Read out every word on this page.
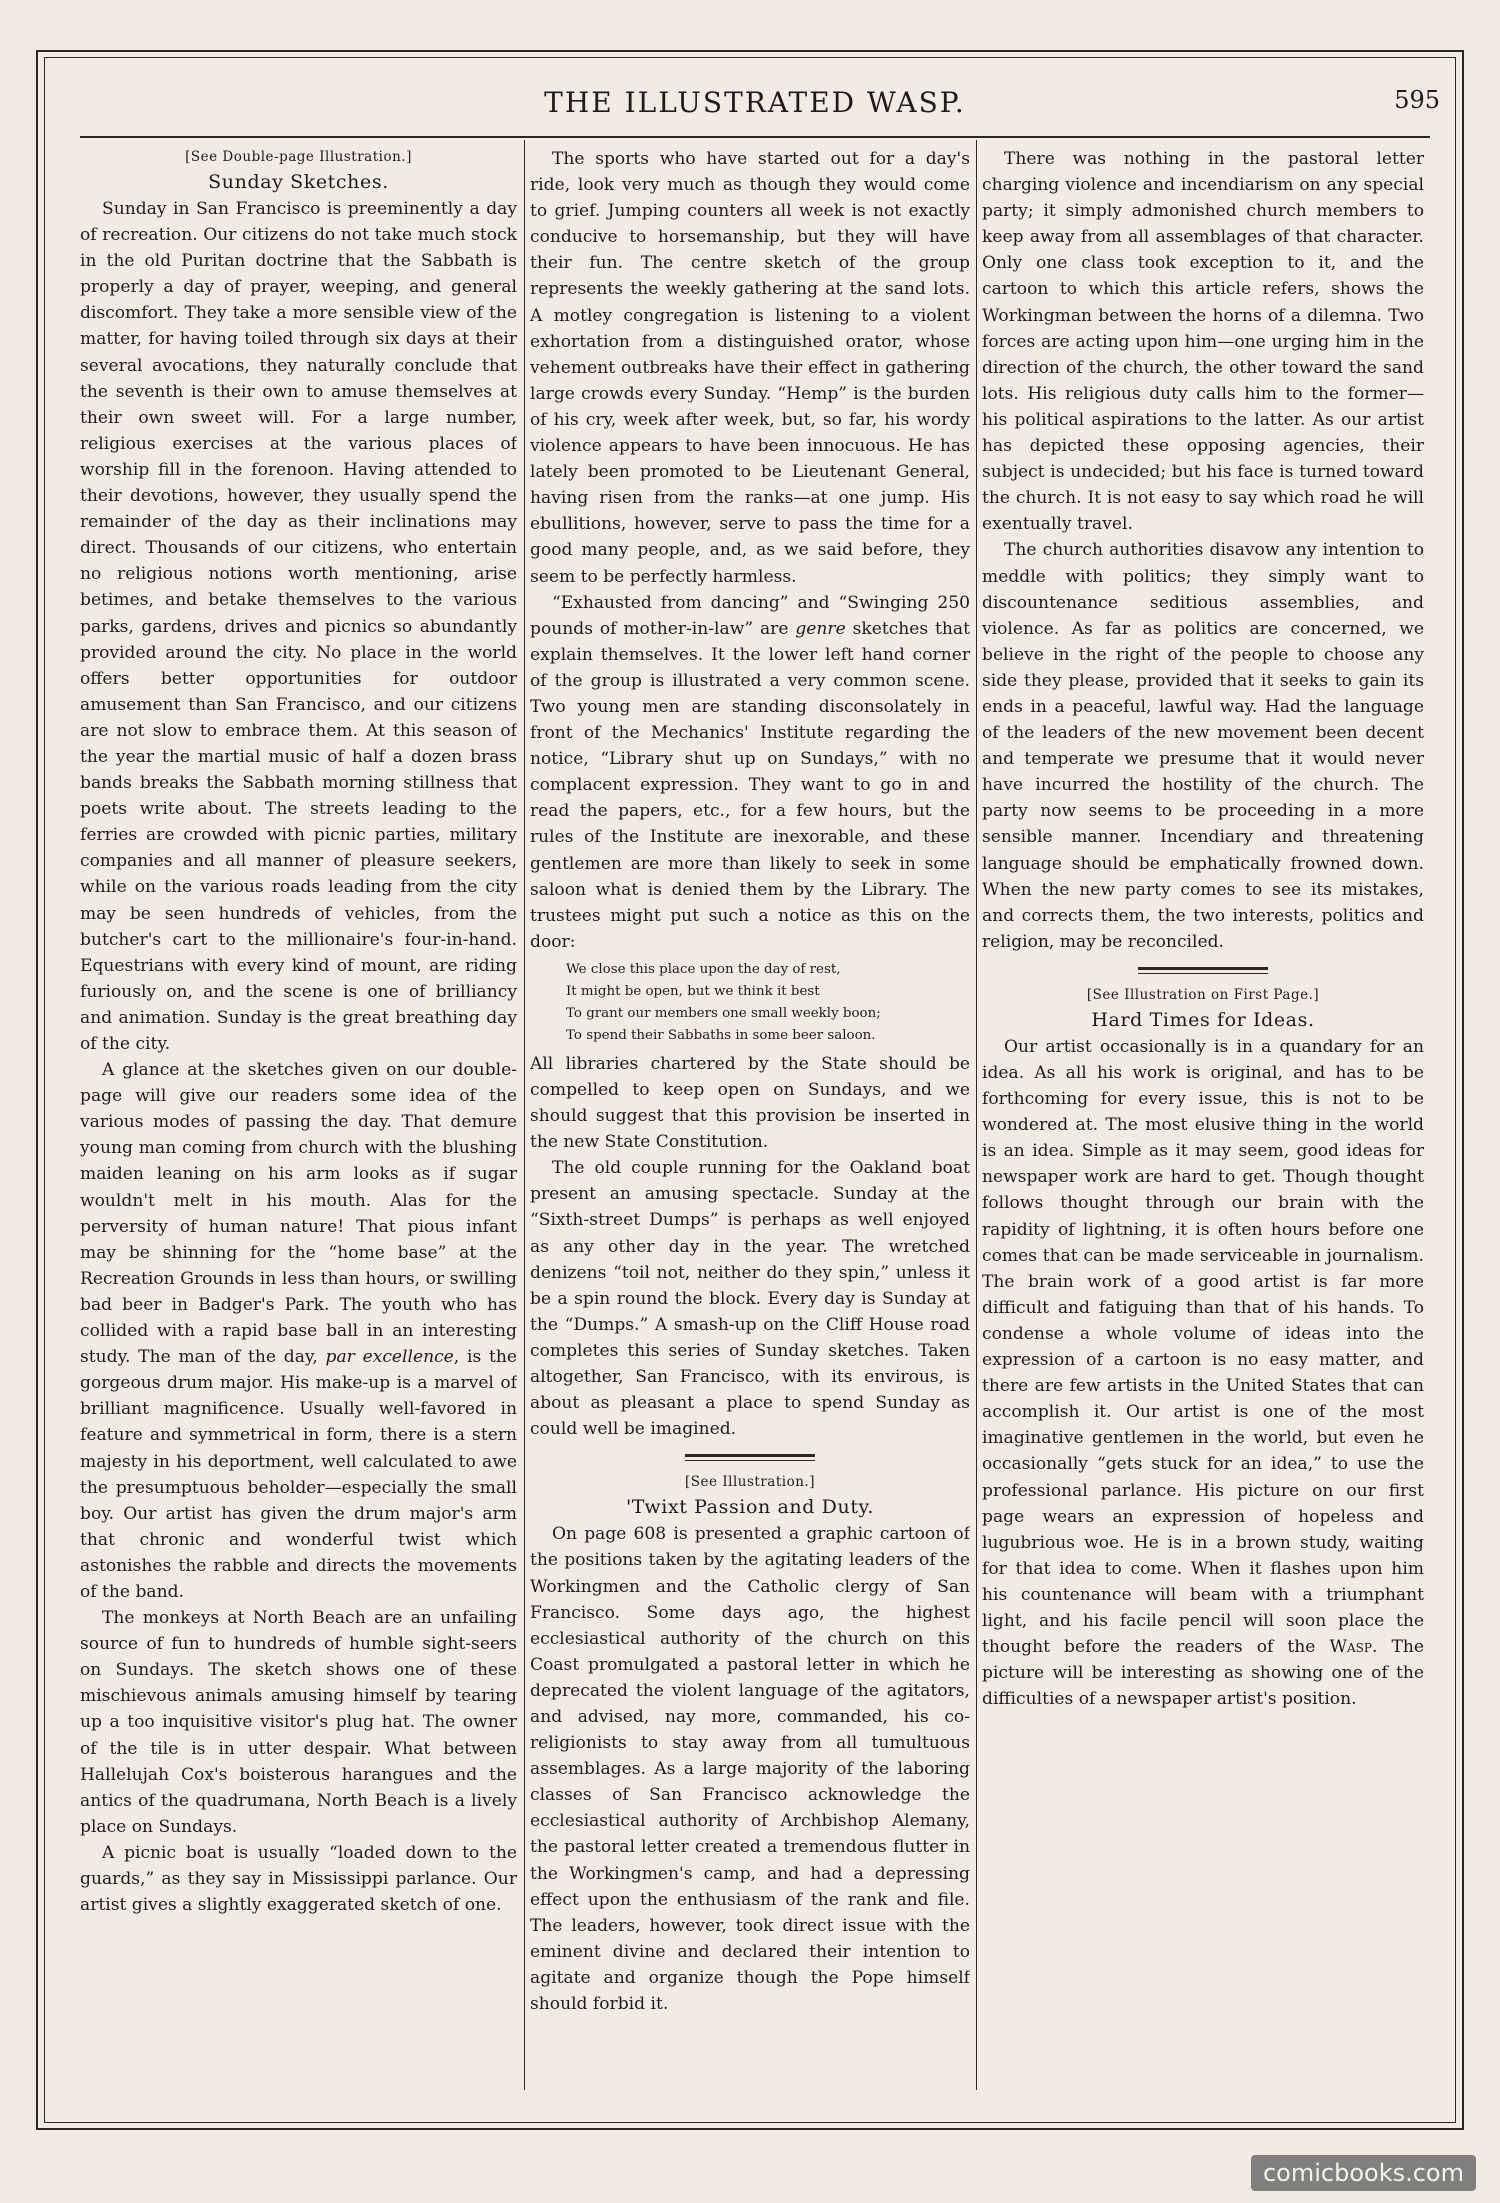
THE ILLUSTRATED WASP.	595
[See Double-page Illustration.]
Sunday Sketches.

Sunday in San Francisco is preeminently a day of recreation. Our citizens do not take much stock in the old Puritan doctrine that the Sabbath is properly a day of prayer, weeping, and general discomfort. They take a more sensible view of the matter, for having toiled through six days at their several avocations, they naturally conclude that the seventh is their own to amuse themselves at their own sweet will. For a large number, religious exercises at the various places of worship fill in the forenoon. Having attended to their devotions, however, they usually spend the remainder of the day as their inclinations may direct. Thousands of our citizens, who entertain no religious notions worth mentioning, arise betimes, and betake themselves to the various parks, gardens, drives and picnics so abundantly provided around the city. No place in the world offers better opportunities for outdoor amusement than San Francisco, and our citizens are not slow to embrace them. At this season of the year the martial music of half a dozen brass bands breaks the Sabbath morning stillness that poets write about. The streets leading to the ferries are crowded with picnic parties, military companies and all manner of pleasure seekers, while on the various roads leading from the city may be seen hundreds of vehicles, from the butcher's cart to the millionaire's four-in-hand. Equestrians with every kind of mount, are riding furiously on, and the scene is one of brilliancy and animation. Sunday is the great breathing day of the city.

A glance at the sketches given on our double-page will give our readers some idea of the various modes of passing the day. That demure young man coming from church with the blushing maiden leaning on his arm looks as if sugar wouldn't melt in his mouth. Alas for the perversity of human nature! That pious infant may be shinning for the “home base” at the Recreation Grounds in less than hours, or swilling bad beer in Badger's Park. The youth who has collided with a rapid base ball in an interesting study. The man of the day, par excellence, is the gorgeous drum major. His make-up is a marvel of brilliant magnificence. Usually well-favored in feature and symmetrical in form, there is a stern majesty in his deportment, well calculated to awe the presumptuous beholder—especially the small boy. Our artist has given the drum major's arm that chronic and wonderful twist which astonishes the rabble and directs the movements of the band.

The monkeys at North Beach are an unfailing source of fun to hundreds of humble sight-seers on Sundays. The sketch shows one of these mischievous animals amusing himself by tearing up a too inquisitive visitor's plug hat. The owner of the tile is in utter despair. What between Hallelujah Cox's boisterous harangues and the antics of the quadrumana, North Beach is a lively place on Sundays.

A picnic boat is usually “loaded down to the guards,” as they say in Mississippi parlance. Our artist gives a slightly exaggerated sketch of one.

The sports who have started out for a day's ride, look very much as though they would come to grief. Jumping counters all week is not exactly conducive to horsemanship, but they will have their fun. The centre sketch of the group represents the weekly gathering at the sand lots. A motley congregation is listening to a violent exhortation from a distinguished orator, whose vehement outbreaks have their effect in gathering large crowds every Sunday. “Hemp” is the burden of his cry, week after week, but, so far, his wordy violence appears to have been innocuous. He has lately been promoted to be Lieutenant General, having risen from the ranks—at one jump. His ebullitions, however, serve to pass the time for a good many people, and, as we said before, they seem to be perfectly harmless.

“Exhausted from dancing” and “Swinging 250 pounds of mother-in-law” are genre sketches that explain themselves. It the lower left hand corner of the group is illustrated a very common scene. Two young men are standing disconsolately in front of the Mechanics' Institute regarding the notice, “Library shut up on Sundays,” with no complacent expression. They want to go in and read the papers, etc., for a few hours, but the rules of the Institute are inexorable, and these gentlemen are more than likely to seek in some saloon what is denied them by the Library. The trustees might put such a notice as this on the door:

We close this place upon the day of rest,
It might be open, but we think it best
To grant our members one small weekly boon;
To spend their Sabbaths in some beer saloon.

All libraries chartered by the State should be compelled to keep open on Sundays, and we should suggest that this provision be inserted in the new State Constitution.

The old couple running for the Oakland boat present an amusing spectacle. Sunday at the “Sixth-street Dumps” is perhaps as well enjoyed as any other day in the year. The wretched denizens “toil not, neither do they spin,” unless it be a spin round the block. Every day is Sunday at the “Dumps.” A smash-up on the Cliff House road completes this series of Sunday sketches. Taken altogether, San Francisco, with its envirous, is about as pleasant a place to spend Sunday as could well be imagined.

[See Illustration.]
'Twixt Passion and Duty.

On page 608 is presented a graphic cartoon of the positions taken by the agitating leaders of the Workingmen and the Catholic clergy of San Francisco. Some days ago, the highest ecclesiastical authority of the church on this Coast promulgated a pastoral letter in which he deprecated the violent language of the agitators, and advised, nay more, commanded, his co-religionists to stay away from all tumultuous assemblages. As a large majority of the laboring classes of San Francisco acknowledge the ecclesiastical authority of Archbishop Alemany, the pastoral letter created a tremendous flutter in the Workingmen's camp, and had a depressing effect upon the enthusiasm of the rank and file. The leaders, however, took direct issue with the eminent divine and declared their intention to agitate and organize though the Pope himself should forbid it.

There was nothing in the pastoral letter charging violence and incendiarism on any special party; it simply admonished church members to keep away from all assemblages of that character. Only one class took exception to it, and the cartoon to which this article refers, shows the Workingman between the horns of a dilemna. Two forces are acting upon him—one urging him in the direction of the church, the other toward the sand lots. His religious duty calls him to the former—his political aspirations to the latter. As our artist has depicted these opposing agencies, their subject is undecided; but his face is turned toward the church. It is not easy to say which road he will exentually travel.

The church authorities disavow any intention to meddle with politics; they simply want to discountenance seditious assemblies, and violence. As far as politics are concerned, we believe in the right of the people to choose any side they please, provided that it seeks to gain its ends in a peaceful, lawful way. Had the language of the leaders of the new movement been decent and temperate we presume that it would never have incurred the hostility of the church. The party now seems to be proceeding in a more sensible manner. Incendiary and threatening language should be emphatically frowned down. When the new party comes to see its mistakes, and corrects them, the two interests, politics and religion, may be reconciled.

[See Illustration on First Page.]
Hard Times for Ideas.

Our artist occasionally is in a quandary for an idea. As all his work is original, and has to be forthcoming for every issue, this is not to be wondered at. The most elusive thing in the world is an idea. Simple as it may seem, good ideas for newspaper work are hard to get. Though thought follows thought through our brain with the rapidity of lightning, it is often hours before one comes that can be made serviceable in journalism. The brain work of a good artist is far more difficult and fatiguing than that of his hands. To condense a whole volume of ideas into the expression of a cartoon is no easy matter, and there are few artists in the United States that can accomplish it. Our artist is one of the most imaginative gentlemen in the world, but even he occasionally “gets stuck for an idea,” to use the professional parlance. His picture on our first page wears an expression of hopeless and lugubrious woe. He is in a brown study, waiting for that idea to come. When it flashes upon him his countenance will beam with a triumphant light, and his facile pencil will soon place the thought before the readers of the Wasp. The picture will be interesting as showing one of the difficulties of a newspaper artist's position.

comicbooks.com
